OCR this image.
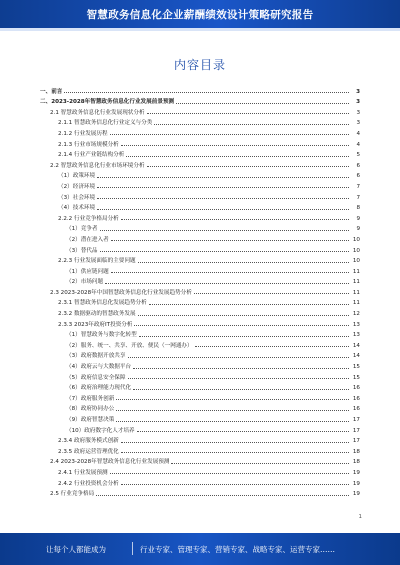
智慧政务信息化企业薪酬绩效设计策略研究报告
内容目录
一、前言	3
二、2023-2028年智慧政务信息化行业发展前景预测	3
2.1 智慧政务信息化行业发展现状分析	3
2.1.1 智慧政务信息化行业定义与分类	3
2.1.2 行业发展历程	4
2.1.3 行业市场规模分析	4
2.1.4 行业产业链结构分析	5
2.2 智慧政务信息化行业市场环境分析	6
（1）政策环境	6
（2）经济环境	7
（3）社会环境	7
（4）技术环境	8
2.2.2 行业竞争格局分析	9
（1）竞争者	9
（2）潜在进入者	10
（3）替代品	10
2.2.3 行业发展面临的主要问题	10
（1）供应链问题	11
（2）市场问题	11
2.3 2023-2028年中国智慧政务信息化行业发展趋势分析	11
2.3.1 智慧政务信息化发展趋势分析	11
2.3.2 数据驱动的智慧政务发展	12
2.3.3 2023年政府IT投资分析	13
（1）智慧政务与数字化转型	13
（2）服务、统一、共享、开放、便民（一网通办）	14
（3）政府数据开放共享	14
（4）政府云与大数据平台	15
（5）政府信息安全保障	15
（6）政府治理能力现代化	16
（7）政府服务创新	16
（8）政府协同办公	16
（9）政府智慧决策	17
（10）政府数字化人才培养	17
2.3.4 政府服务模式创新	17
2.3.5 政府运营管理优化	18
2.4 2023-2028年智慧政务信息化行业发展预测	18
2.4.1 行业发展预测	19
2.4.2 行业投资机会分析	19
2.5 行业竞争格局	19
1
让每个人都能成为	行业专家、管理专家、营销专家、战略专家、运营专家……
